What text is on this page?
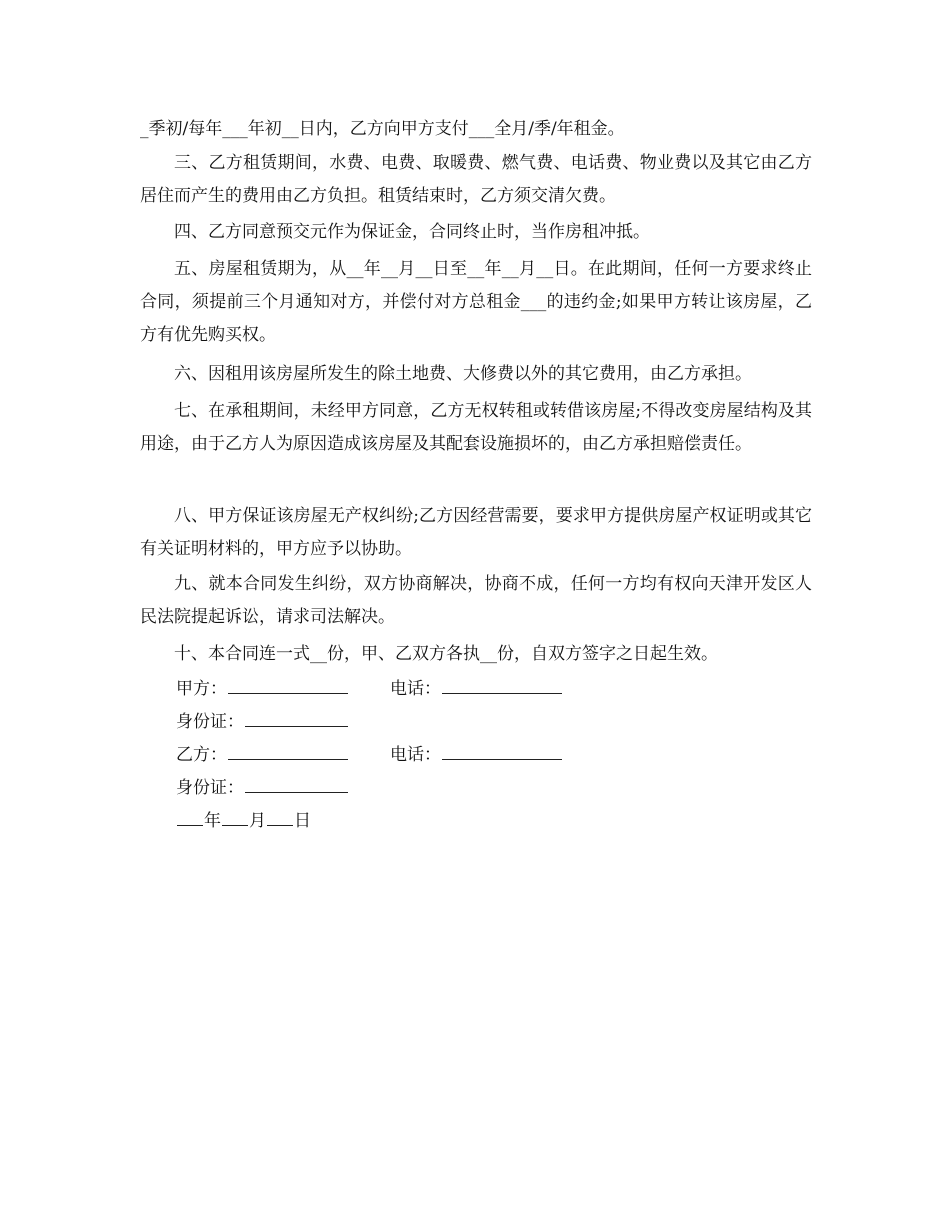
_季初/每年___年初__日内，乙方向甲方支付___全月/季/年租金。

三、乙方租赁期间，水费、电费、取暖费、燃气费、电话费、物业费以及其它由乙方居住而产生的费用由乙方负担。租赁结束时，乙方须交清欠费。

四、乙方同意预交元作为保证金，合同终止时，当作房租冲抵。

五、房屋租赁期为，从__年__月__日至__年__月__日。在此期间，任何一方要求终止合同，须提前三个月通知对方，并偿付对方总租金___的违约金;如果甲方转让该房屋，乙方有优先购买权。

六、因租用该房屋所发生的除土地费、大修费以外的其它费用，由乙方承担。

七、在承租期间，未经甲方同意，乙方无权转租或转借该房屋;不得改变房屋结构及其用途，由于乙方人为原因造成该房屋及其配套设施损坏的，由乙方承担赔偿责任。

八、甲方保证该房屋无产权纠纷;乙方因经营需要，要求甲方提供房屋产权证明或其它有关证明材料的，甲方应予以协助。

九、就本合同发生纠纷，双方协商解决，协商不成，任何一方均有权向天津开发区人民法院提起诉讼，请求司法解决。

十、本合同连一式__份，甲、乙双方各执__份，自双方签字之日起生效。

甲方：	电话：
身份证：
乙方：	电话：
身份证：
年 月 日
